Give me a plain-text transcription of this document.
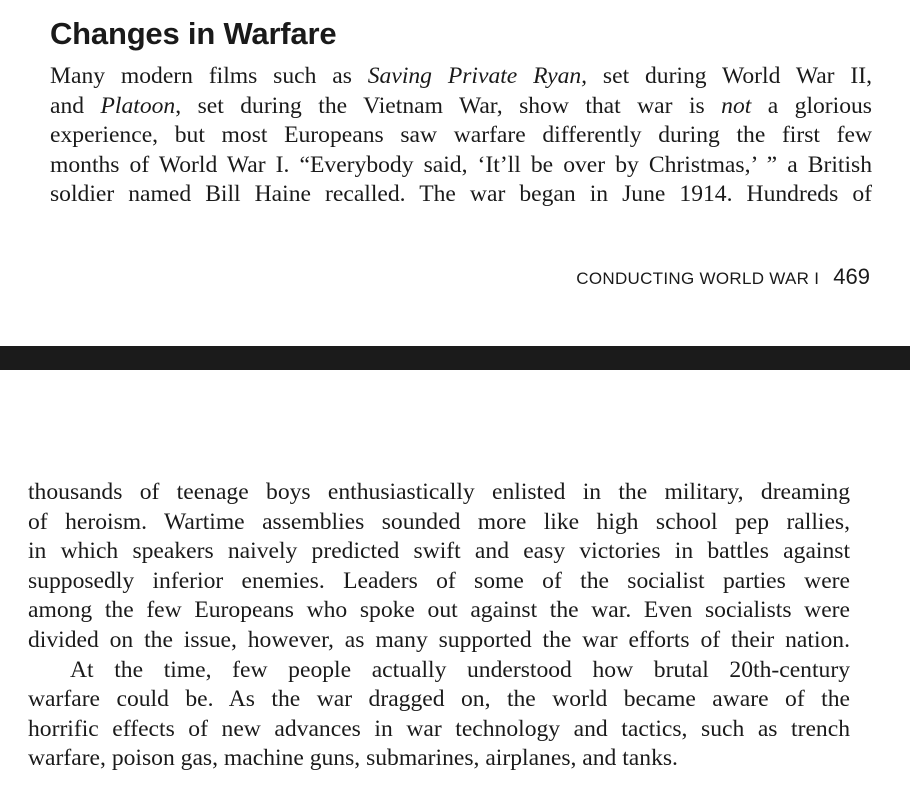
Changes in Warfare
Many modern films such as Saving Private Ryan, set during World War II,
and Platoon, set during the Vietnam War, show that war is not a glorious
experience, but most Europeans saw warfare differently during the first few
months of World War I. “Everybody said, ‘It’ll be over by Christmas,’ ” a British
soldier named Bill Haine recalled. The war began in June 1914. Hundreds of
CONDUCTING WORLD WAR I 469
thousands of teenage boys enthusiastically enlisted in the military, dreaming
of heroism. Wartime assemblies sounded more like high school pep rallies,
in which speakers naively predicted swift and easy victories in battles against
supposedly inferior enemies. Leaders of some of the socialist parties were
among the few Europeans who spoke out against the war. Even socialists were
divided on the issue, however, as many supported the war efforts of their nation.
At the time, few people actually understood how brutal 20th-century
warfare could be. As the war dragged on, the world became aware of the
horrific effects of new advances in war technology and tactics, such as trench
warfare, poison gas, machine guns, submarines, airplanes, and tanks.
